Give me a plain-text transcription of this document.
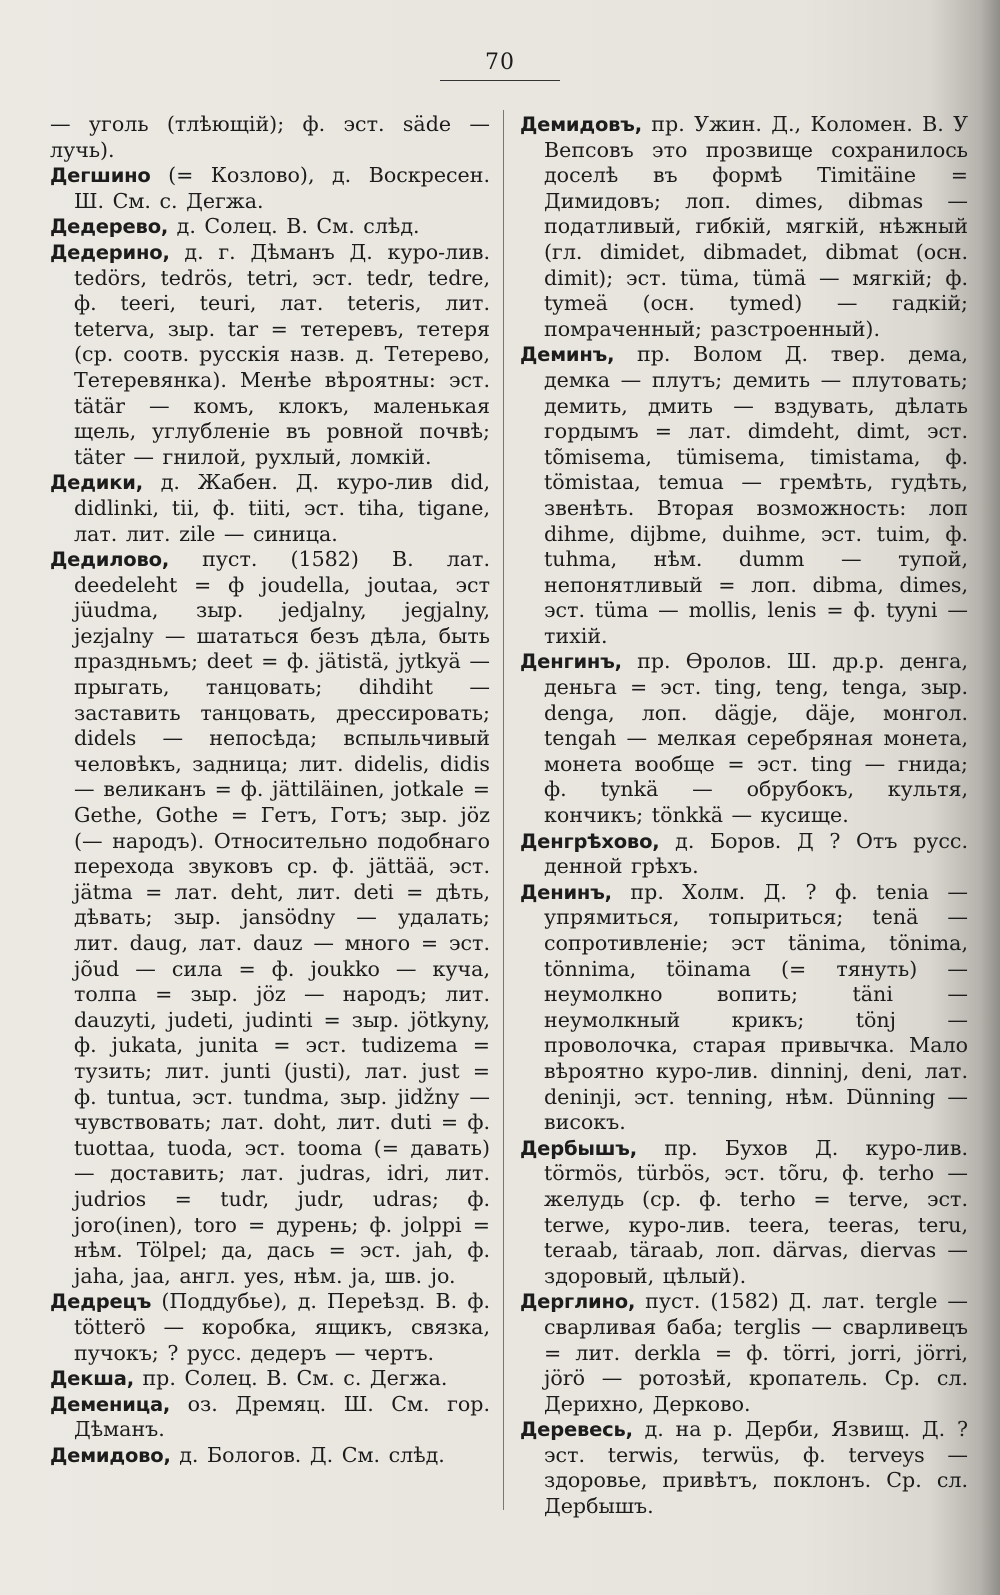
70

— уголь (тлѣющій); ф. эст. säde — лучь).

Дегшино (= Козлово), д. Воскресен. Ш. См. с. Дегжа.

Дедерево, д. Солец. В. См. слѣд.

Дедерино, д. г. Дѣманъ Д. куро-лив. tedörs, tedrös, tetri, эст. tedr, tedre, ф. teeri, teuri, лат. teteris, лит. teterva, зыр. tar = тетеревъ, тетеря (ср. соотв. русскія назв. д. Тетерево, Тетеревянка). Менѣе вѣроятны: эст. tätär — комъ, клокъ, маленькая щель, углубленіе въ ровной почвѣ; täter — гнилой, рухлый, ломкій.

Дедики, д. Жабен. Д. куро-лив did, didlinki, tii, ф. tiiti, эст. tiha, tigane, лат. лит. zile — синица.

Дедилово, пуст. (1582) В. лат. deedeleht = ф joudella, joutaa, эст jüudma, зыр. jedjalny, jegjalny, jezjalny — шататься безъ дѣла, быть праздньмъ; deet = ф. jätistä, jytkyä — прыгать, танцовать; dihdiht — заставить танцовать, дрессировать; didels — непосѣда; вспыльчивый человѣкъ, задница; лит. didelis, didis — великанъ = ф. jättiläinen, jotkale = Gethe, Gothe = Гетъ, Готъ; зыр. jöz (— народъ). Относительно подобнаго перехода звуковъ ср. ф. jättää, эст. jätma = лат. deht, лит. deti = дѣть, дѣвать; зыр. jansödny — удалать; лит. daug, лат. dauz — много = эст. jõud — сила = ф. joukko — куча, толпа = зыр. jöz — народъ; лит. dauzyti, judeti, judinti = зыр. jötkyny, ф. jukata, junita = эст. tudizema = тузить; лит. junti (justi), лат. just = ф. tuntua, эст. tundma, зыр. jidžny — чувствовать; лат. doht, лит. duti = ф. tuottaa, tuoda, эст. tooma (= давать) — доставить; лат. judras, idri, лит. judrios = tudr, judr, udras; ф. joro(inen), toro = дурень; ф. jolppi = нѣм. Tölpel; да, дась = эст. jah, ф. jaha, jaa, англ. yes, нѣм. ja, шв. jo.

Дедрецъ (Поддубье), д. Переѣзд. В. ф. tötterö — коробка, ящикъ, связка, пучокъ; ? русс. дедеръ — чертъ.

Декша, пр. Солец. В. См. с. Дегжа.

Деменица, оз. Дремяц. Ш. См. гор. Дѣманъ.

Демидово, д. Бологов. Д. См. слѣд.

Демидовъ, пр. Ужин. Д., Коломен. В. У Вепсовъ это прозвище сохранилось доселѣ въ формѣ Timitäine = Димидовъ; лоп. dimes, dibmas — податливый, гибкій, мягкій, нѣжный (гл. dimidet, dibmadet, dibmat (осн. dimit); эст. tüma, tümä — мягкій; ф. tymeä (осн. tymed) — гадкій; помраченный; разстроенный).

Деминъ, пр. Волом Д. твер. дема, демка — плутъ; демить — плутовать; демить, дмить — вздувать, дѣлать гордымъ = лат. dimdeht, dimt, эст. tõmisema, tümisema, timistama, ф. tömistaa, temua — гремѣть, гудѣть, звенѣть. Вторая возможность: лоп dihme, dijbme, duihme, эст. tuim, ф. tuhma, нѣм. dumm — тупой, непонятливый = лоп. dibma, dimes, эст. tüma — mollis, lenis = ф. tyyni — тихій.

Денгинъ, пр. Ѳролов. Ш. др.р. денга, деньга = эст. ting, teng, tenga, зыр. denga, лоп. dägje, däje, монгол. tengah — мелкая серебряная монета, монета вообще = эст. ting — гнида; ф. tynkä — обрубокъ, культя, кончикъ; tönkkä — кусище.

Денгрѣхово, д. Боров. Д ? Отъ русс. денной грѣхъ.

Денинъ, пр. Холм. Д. ? ф. tenia — упрямиться, топыриться; tenä — сопротивленіе; эст tänima, tönima, tönnima, töinama (= тянуть) — неумолкно вопить; täni — неумолкный крикъ; tönj — проволочка, старая привычка. Мало вѣроятно куро-лив. dinninj, deni, лат. deninji, эст. tenning, нѣм. Dünning — високъ.

Дербышъ, пр. Бухов Д. куро-лив. törmös, türbös, эст. tõru, ф. terho — желудь (ср. ф. terho = terve, эст. terwe, куро-лив. teera, teeras, teru, teraab, täraab, лоп. därvas, diervas — здоровый, цѣлый).

Дерглино, пуст. (1582) Д. лат. tergle — сварливая баба; terglis — сварливецъ = лит. derkla = ф. törri, jorri, jörri, jörö — ротозѣй, кропатель. Ср. сл. Дерихно, Дерково.

Деревесь, д. на р. Дерби, Язвищ. Д. ? эст. terwis, terwüs, ф. terveys — здоровье, привѣтъ, поклонъ. Ср. сл. Дербышъ.
